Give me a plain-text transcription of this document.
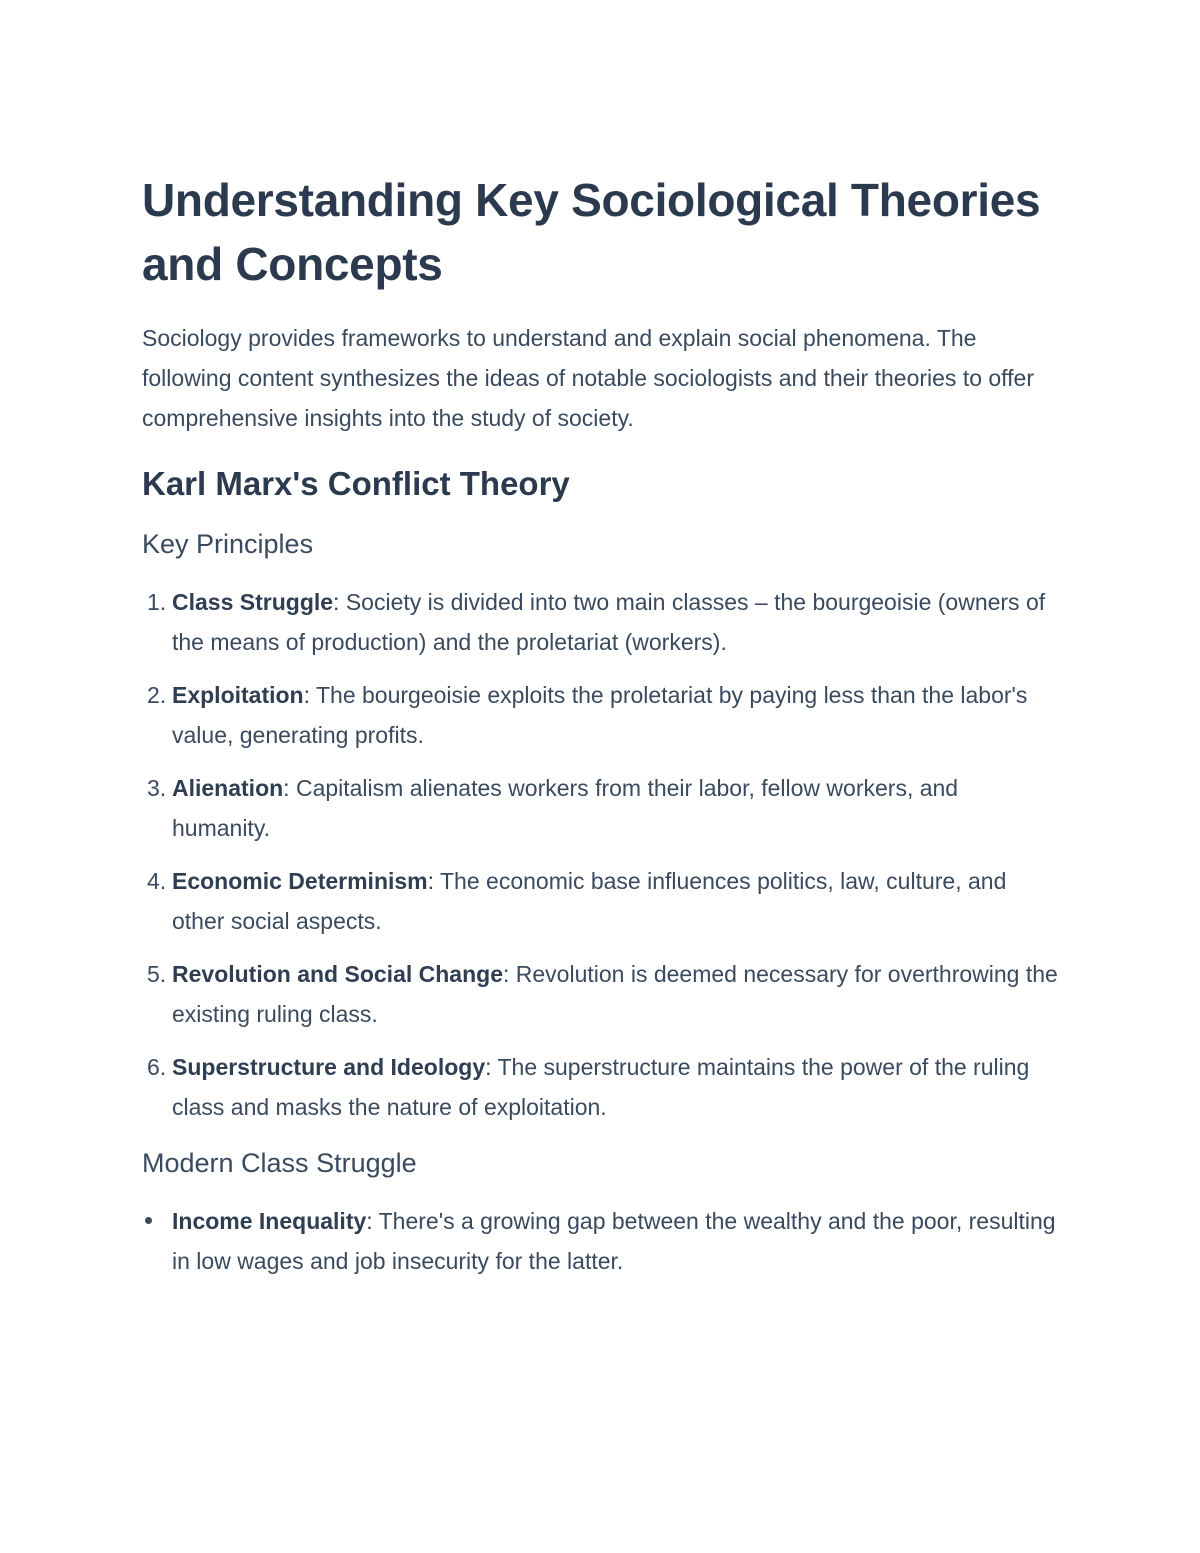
Understanding Key Sociological Theories and Concepts

Sociology provides frameworks to understand and explain social phenomena. The following content synthesizes the ideas of notable sociologists and their theories to offer comprehensive insights into the study of society.

Karl Marx's Conflict Theory
Key Principles
1. Class Struggle : Society is divided into two main classes – the bourgeoisie (owners of the means of production) and the proletariat (workers).
2. Exploitation : The bourgeoisie exploits the proletariat by paying less than the labor's value, generating profits.
3. Alienation : Capitalism alienates workers from their labor, fellow workers, and humanity.
4. Economic Determinism : The economic base influences politics, law, culture, and other social aspects.
5. Revolution and Social Change : Revolution is deemed necessary for overthrowing the existing ruling class.
6. Superstructure and Ideology : The superstructure maintains the power of the ruling class and masks the nature of exploitation.
Modern Class Struggle
Income Inequality : There's a growing gap between the wealthy and the poor, resulting in low wages and job insecurity for the latter.
